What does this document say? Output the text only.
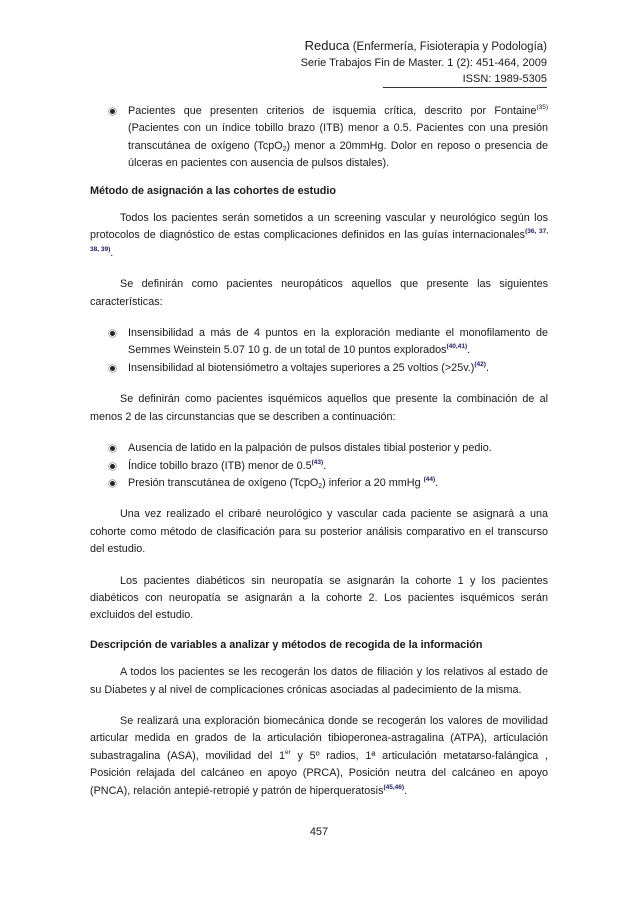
Reduca (Enfermería, Fisioterapia y Podología)
Serie Trabajos Fin de Master. 1 (2): 451-464, 2009
ISSN: 1989-5305
Pacientes que presenten criterios de isquemia crítica, descrito por Fontaine$^{(35)}$ (Pacientes con un índice tobillo brazo (ITB) menor a 0.5. Pacientes con una presión transcutánea de oxígeno (TcpO$_2$) menor a 20mmHg. Dolor en reposo o presencia de úlceras en pacientes con ausencia de pulsos distales).

Método de asignación a las cohortes de estudio

Todos los pacientes serán sometidos a un screening vascular y neurológico según los protocolos de diagnóstico de estas complicaciones definidos en las guías internacionales$^{(36, 37, 38, 39)}$.

Se definirán como pacientes neuropáticos aquellos que presente las siguientes características:

Insensibilidad a más de 4 puntos en la exploración mediante el monofilamento de Semmes Weinstein 5.07 10 g. de un total de 10 puntos explorados$^{(40,41)}$.
Insensibilidad al biotensiómetro a voltajes superiores a 25 voltios (>25v.)$^{(42)}$.

Se definirán como pacientes isquémicos aquellos que presente la combinación de al menos 2 de las circunstancias que se describen a continuación:

Ausencia de latido en la palpación de pulsos distales tibial posterior y pedio.
Índice tobillo brazo (ITB) menor de 0.5$^{(43)}$.
Presión transcutánea de oxígeno (TcpO$_2$) inferior a 20 mmHg $^{(44)}$.

Una vez realizado el cribaré neurológico y vascular cada paciente se asignará a una cohorte como método de clasificación para su posterior análisis comparativo en el transcurso del estudio.

Los pacientes diabéticos sin neuropatía se asignarán la cohorte 1 y los pacientes diabéticos con neuropatía se asignarán a la cohorte 2. Los pacientes isquémicos serán excluidos del estudio.

Descripción de variables a analizar y métodos de recogida de la información

A todos los pacientes se les recogerán los datos de filiación y los relativos al estado de su Diabetes y al nivel de complicaciones crónicas asociadas al padecimiento de la misma.

Se realizará una exploración biomecánica donde se recogerán los valores de movilidad articular medida en grados de la articulación tibioperonea-astragalina (ATPA), articulación subastragalina (ASA), movilidad del 1er y 5º radios, 1ª articulación metatarso-falángica , Posición relajada del calcáneo en apoyo (PRCA), Posición neutra del calcáneo en apoyo (PNCA), relación antepié-retropié y patrón de hiperqueratosis$^{(45,46)}$.

457
